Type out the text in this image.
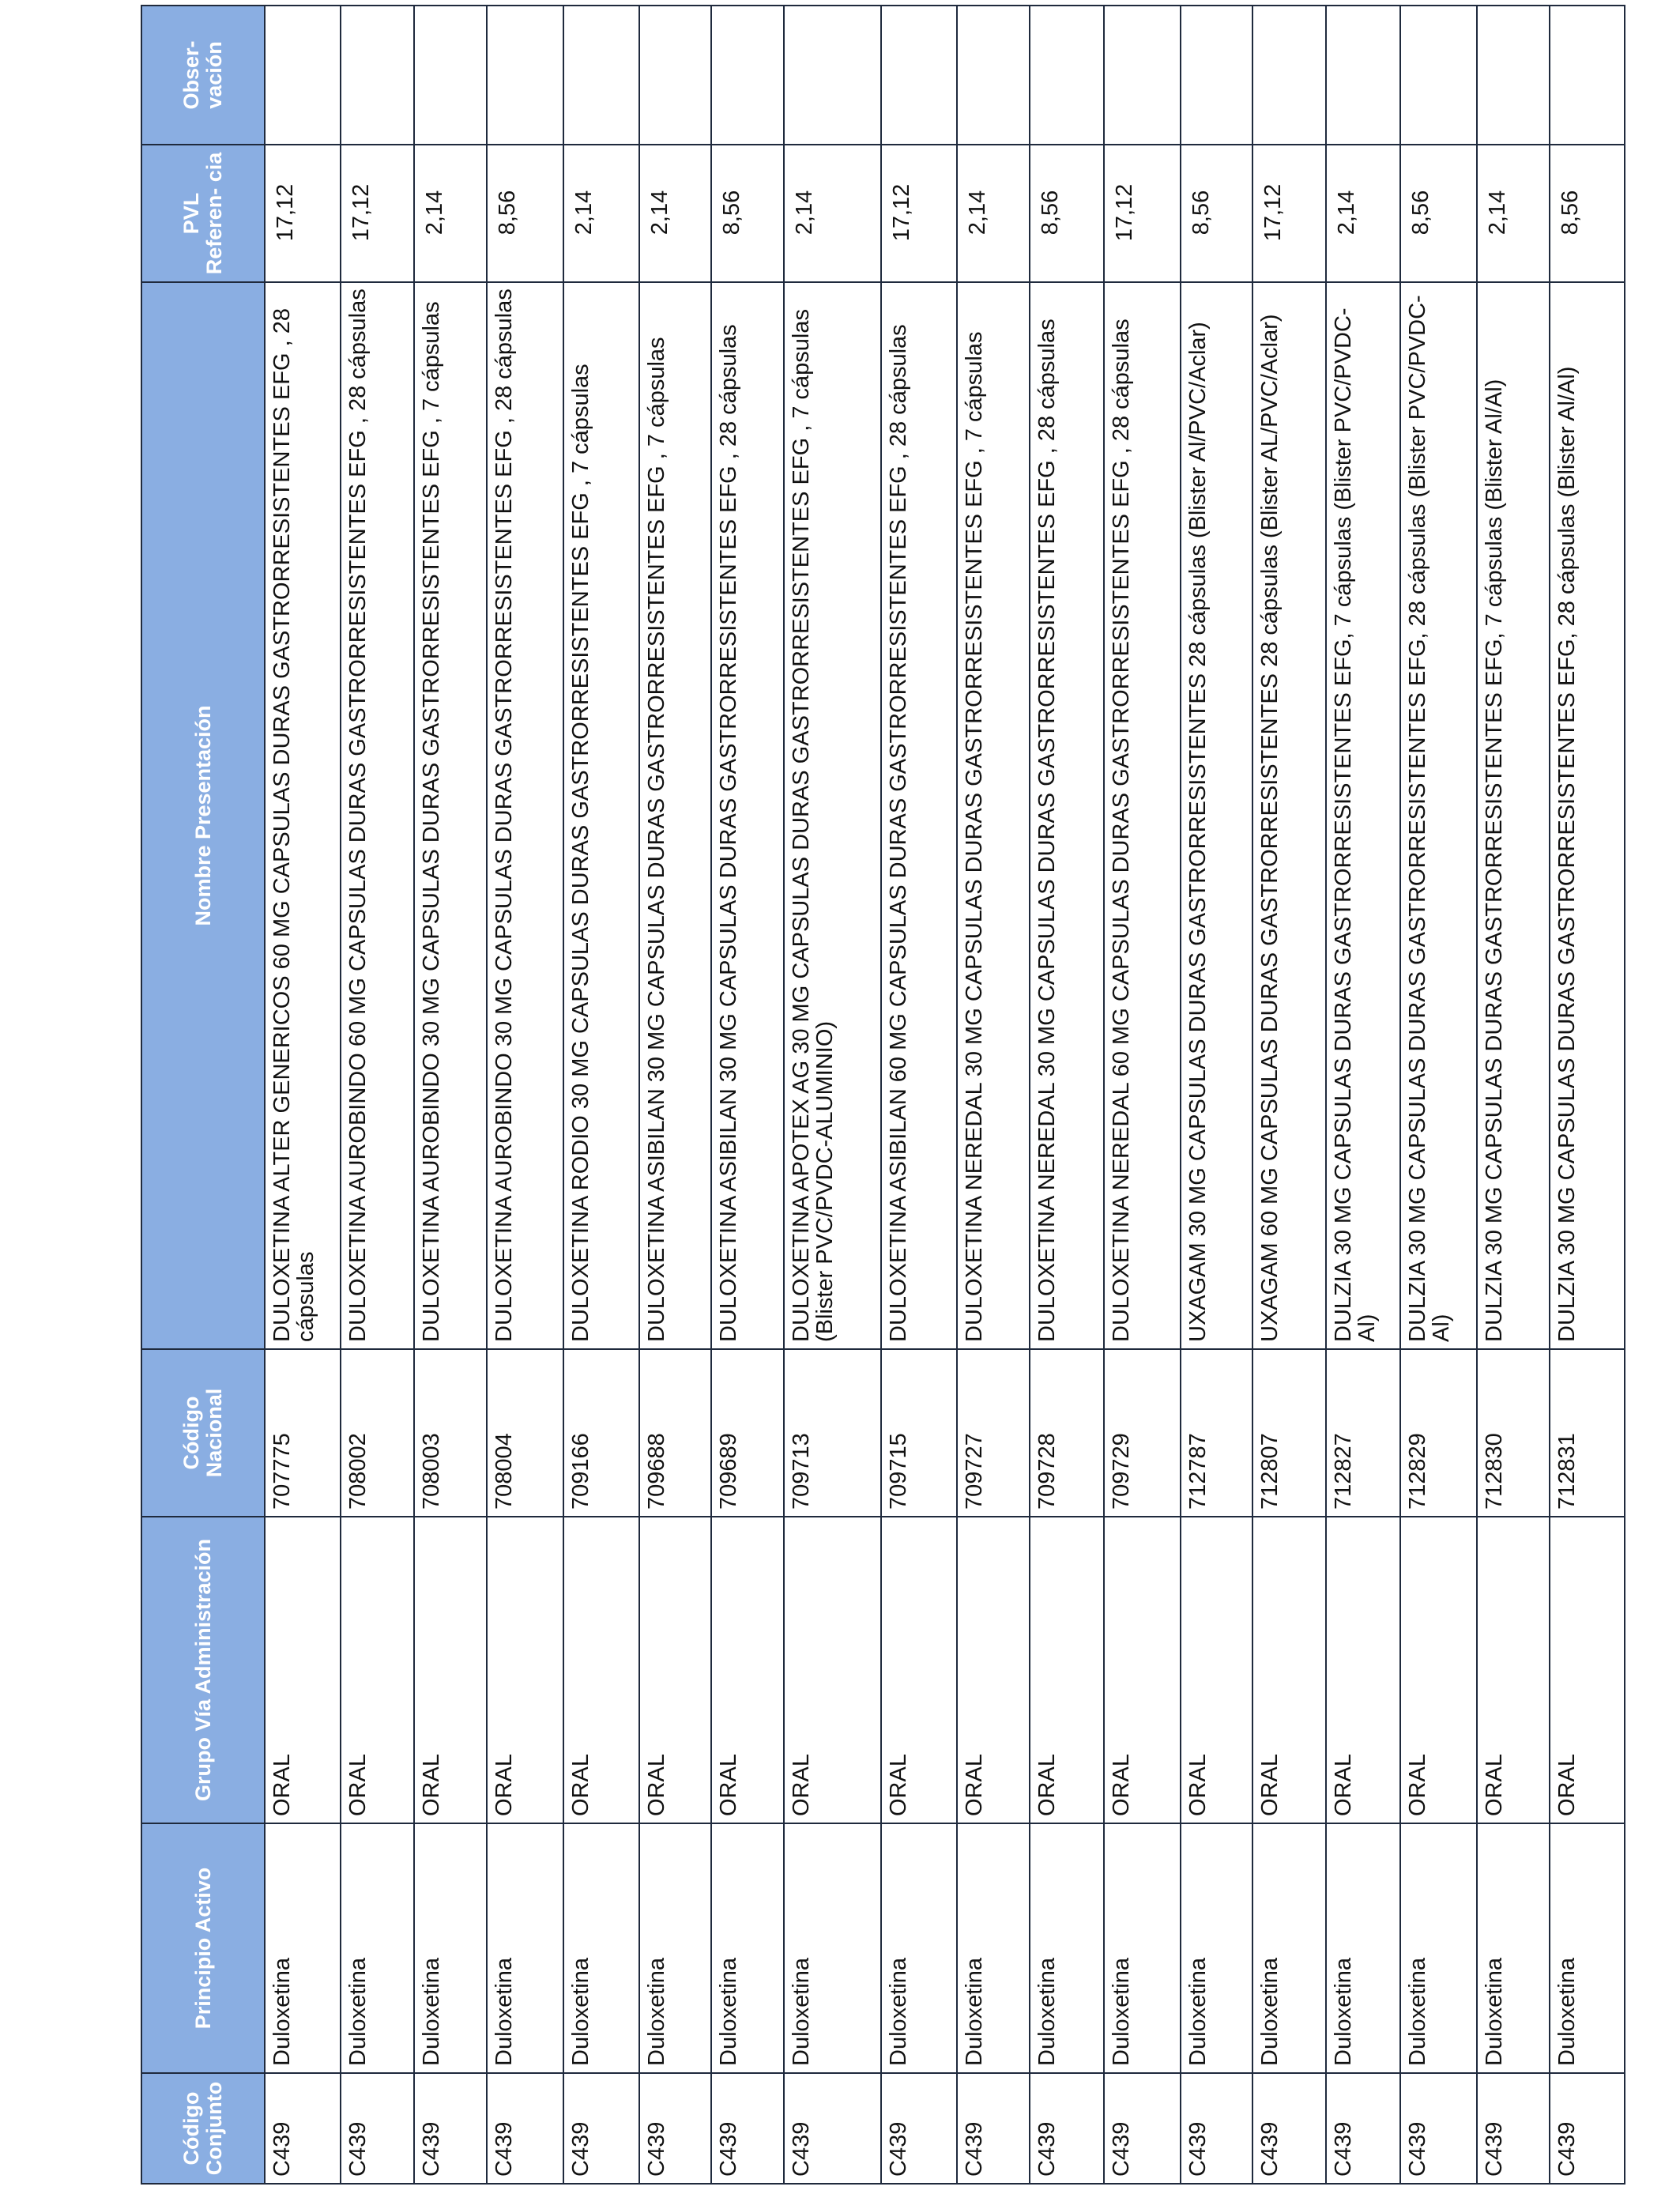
Código Conjunto	Principio Activo	Grupo Vía Administración	Código Nacional	Nombre Presentación	PVL Referen- cia	Obser- vación
C439	Duloxetina	ORAL	707775	DULOXETINA ALTER GENERICOS 60 MG CAPSULAS DURAS GASTRORRESISTENTES EFG , 28 cápsulas	17,12	
C439	Duloxetina	ORAL	708002	DULOXETINA AUROBINDO 60 MG CAPSULAS DURAS GASTRORRESISTENTES EFG , 28 cápsulas	17,12	
C439	Duloxetina	ORAL	708003	DULOXETINA AUROBINDO 30 MG CAPSULAS DURAS GASTRORRESISTENTES EFG , 7 cápsulas	2,14	
C439	Duloxetina	ORAL	708004	DULOXETINA AUROBINDO 30 MG CAPSULAS DURAS GASTRORRESISTENTES EFG , 28 cápsulas	8,56	
C439	Duloxetina	ORAL	709166	DULOXETINA RODIO 30 MG CAPSULAS DURAS GASTRORRESISTENTES EFG , 7 cápsulas	2,14	
C439	Duloxetina	ORAL	709688	DULOXETINA ASIBILAN 30 MG CAPSULAS DURAS GASTRORRESISTENTES EFG , 7 cápsulas	2,14	
C439	Duloxetina	ORAL	709689	DULOXETINA ASIBILAN 30 MG CAPSULAS DURAS GASTRORRESISTENTES EFG , 28 cápsulas	8,56	
C439	Duloxetina	ORAL	709713	DULOXETINA APOTEX AG 30 MG CAPSULAS DURAS GASTRORRESISTENTES EFG , 7 cápsulas (Blister PVC/PVDC-ALUMINIO)	2,14	
C439	Duloxetina	ORAL	709715	DULOXETINA ASIBILAN 60 MG CAPSULAS DURAS GASTRORRESISTENTES EFG , 28 cápsulas	17,12	
C439	Duloxetina	ORAL	709727	DULOXETINA NEREDAL 30 MG CAPSULAS DURAS GASTRORRESISTENTES EFG , 7 cápsulas	2,14	
C439	Duloxetina	ORAL	709728	DULOXETINA NEREDAL 30 MG CAPSULAS DURAS GASTRORRESISTENTES EFG , 28 cápsulas	8,56	
C439	Duloxetina	ORAL	709729	DULOXETINA NEREDAL 60 MG CAPSULAS DURAS GASTRORRESISTENTES EFG , 28 cápsulas	17,12	
C439	Duloxetina	ORAL	712787	UXAGAM 30 MG CAPSULAS DURAS GASTRORRESISTENTES 28 cápsulas (Blister Al/PVC/Aclar)	8,56	
C439	Duloxetina	ORAL	712807	UXAGAM 60 MG CAPSULAS DURAS GASTRORRESISTENTES 28 cápsulas (Blister AL/PVC/Aclar)	17,12	
C439	Duloxetina	ORAL	712827	DULZIA 30 MG CAPSULAS DURAS GASTRORRESISTENTES EFG, 7 cápsulas (Blister PVC/PVDC-Al)	2,14	
C439	Duloxetina	ORAL	712829	DULZIA 30 MG CAPSULAS DURAS GASTRORRESISTENTES EFG, 28 cápsulas (Blister PVC/PVDC-Al)	8,56	
C439	Duloxetina	ORAL	712830	DULZIA 30 MG CAPSULAS DURAS GASTRORRESISTENTES EFG, 7 cápsulas (Blister Al/Al)	2,14	
C439	Duloxetina	ORAL	712831	DULZIA 30 MG CAPSULAS DURAS GASTRORRESISTENTES EFG, 28 cápsulas (Blister Al/Al)	8,56	
